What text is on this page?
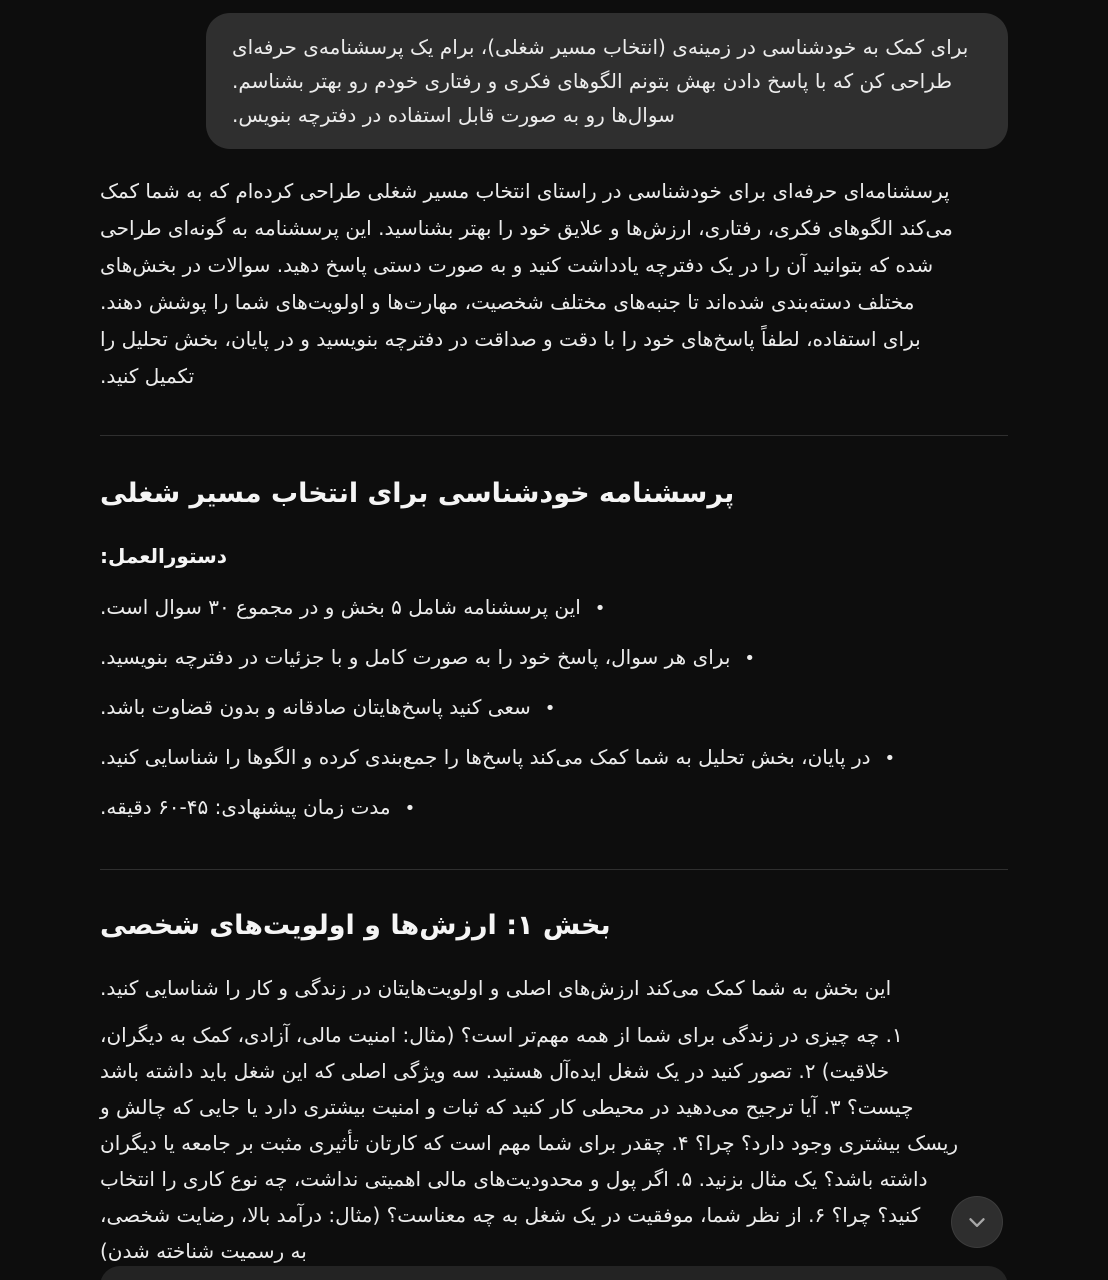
برای کمک به خودشناسی در زمینه‌ی (انتخاب مسیر شغلی)، برام یک پرسشنامه‌ی حرفه‌ای
طراحی کن که با پاسخ دادن بهش بتونم الگوهای فکری و رفتاری خودم رو بهتر بشناسم.
سوال‌ها رو به صورت قابل استفاده در دفترچه بنویس.
پرسشنامه‌ای حرفه‌ای برای خودشناسی در راستای انتخاب مسیر شغلی طراحی کرده‌ام که به شما کمک
می‌کند الگوهای فکری، رفتاری، ارزش‌ها و علایق خود را بهتر بشناسید. این پرسشنامه به گونه‌ای طراحی
شده که بتوانید آن را در یک دفترچه یادداشت کنید و به صورت دستی پاسخ دهید. سوالات در بخش‌های
مختلف دسته‌بندی شده‌اند تا جنبه‌های مختلف شخصیت، مهارت‌ها و اولویت‌های شما را پوشش دهند.
برای استفاده، لطفاً پاسخ‌های خود را با دقت و صداقت در دفترچه بنویسید و در پایان، بخش تحلیل را
تکمیل کنید.
پرسشنامه خودشناسی برای انتخاب مسیر شغلی
دستورالعمل:
•این پرسشنامه شامل ۵ بخش و در مجموع ۳۰ سوال است.
•برای هر سوال، پاسخ خود را به صورت کامل و با جزئیات در دفترچه بنویسید.
•سعی کنید پاسخ‌هایتان صادقانه و بدون قضاوت باشد.
•در پایان، بخش تحلیل به شما کمک می‌کند پاسخ‌ها را جمع‌بندی کرده و الگوها را شناسایی کنید.
•مدت زمان پیشنهادی: ۴۵‐۶۰ دقیقه.
بخش ۱: ارزش‌ها و اولویت‌های شخصی
این بخش به شما کمک می‌کند ارزش‌های اصلی و اولویت‌هایتان در زندگی و کار را شناسایی کنید.
۱. چه چیزی در زندگی برای شما از همه مهم‌تر است؟ (مثال: امنیت مالی، آزادی، کمک به دیگران،
خلاقیت) ۲. تصور کنید در یک شغل ایده‌آل هستید. سه ویژگی اصلی که این شغل باید داشته باشد
چیست؟ ۳. آیا ترجیح می‌دهید در محیطی کار کنید که ثبات و امنیت بیشتری دارد یا جایی که چالش و
ریسک بیشتری وجود دارد؟ چرا؟ ۴. چقدر برای شما مهم است که کارتان تأثیری مثبت بر جامعه یا دیگران
داشته باشد؟ یک مثال بزنید. ۵. اگر پول و محدودیت‌های مالی اهمیتی نداشت، چه نوع کاری را انتخاب
کنید؟ چرا؟ ۶. از نظر شما، موفقیت در یک شغل به چه معناست؟ (مثال: درآمد بالا، رضایت شخصی،
به رسمیت شناخته شدن)
